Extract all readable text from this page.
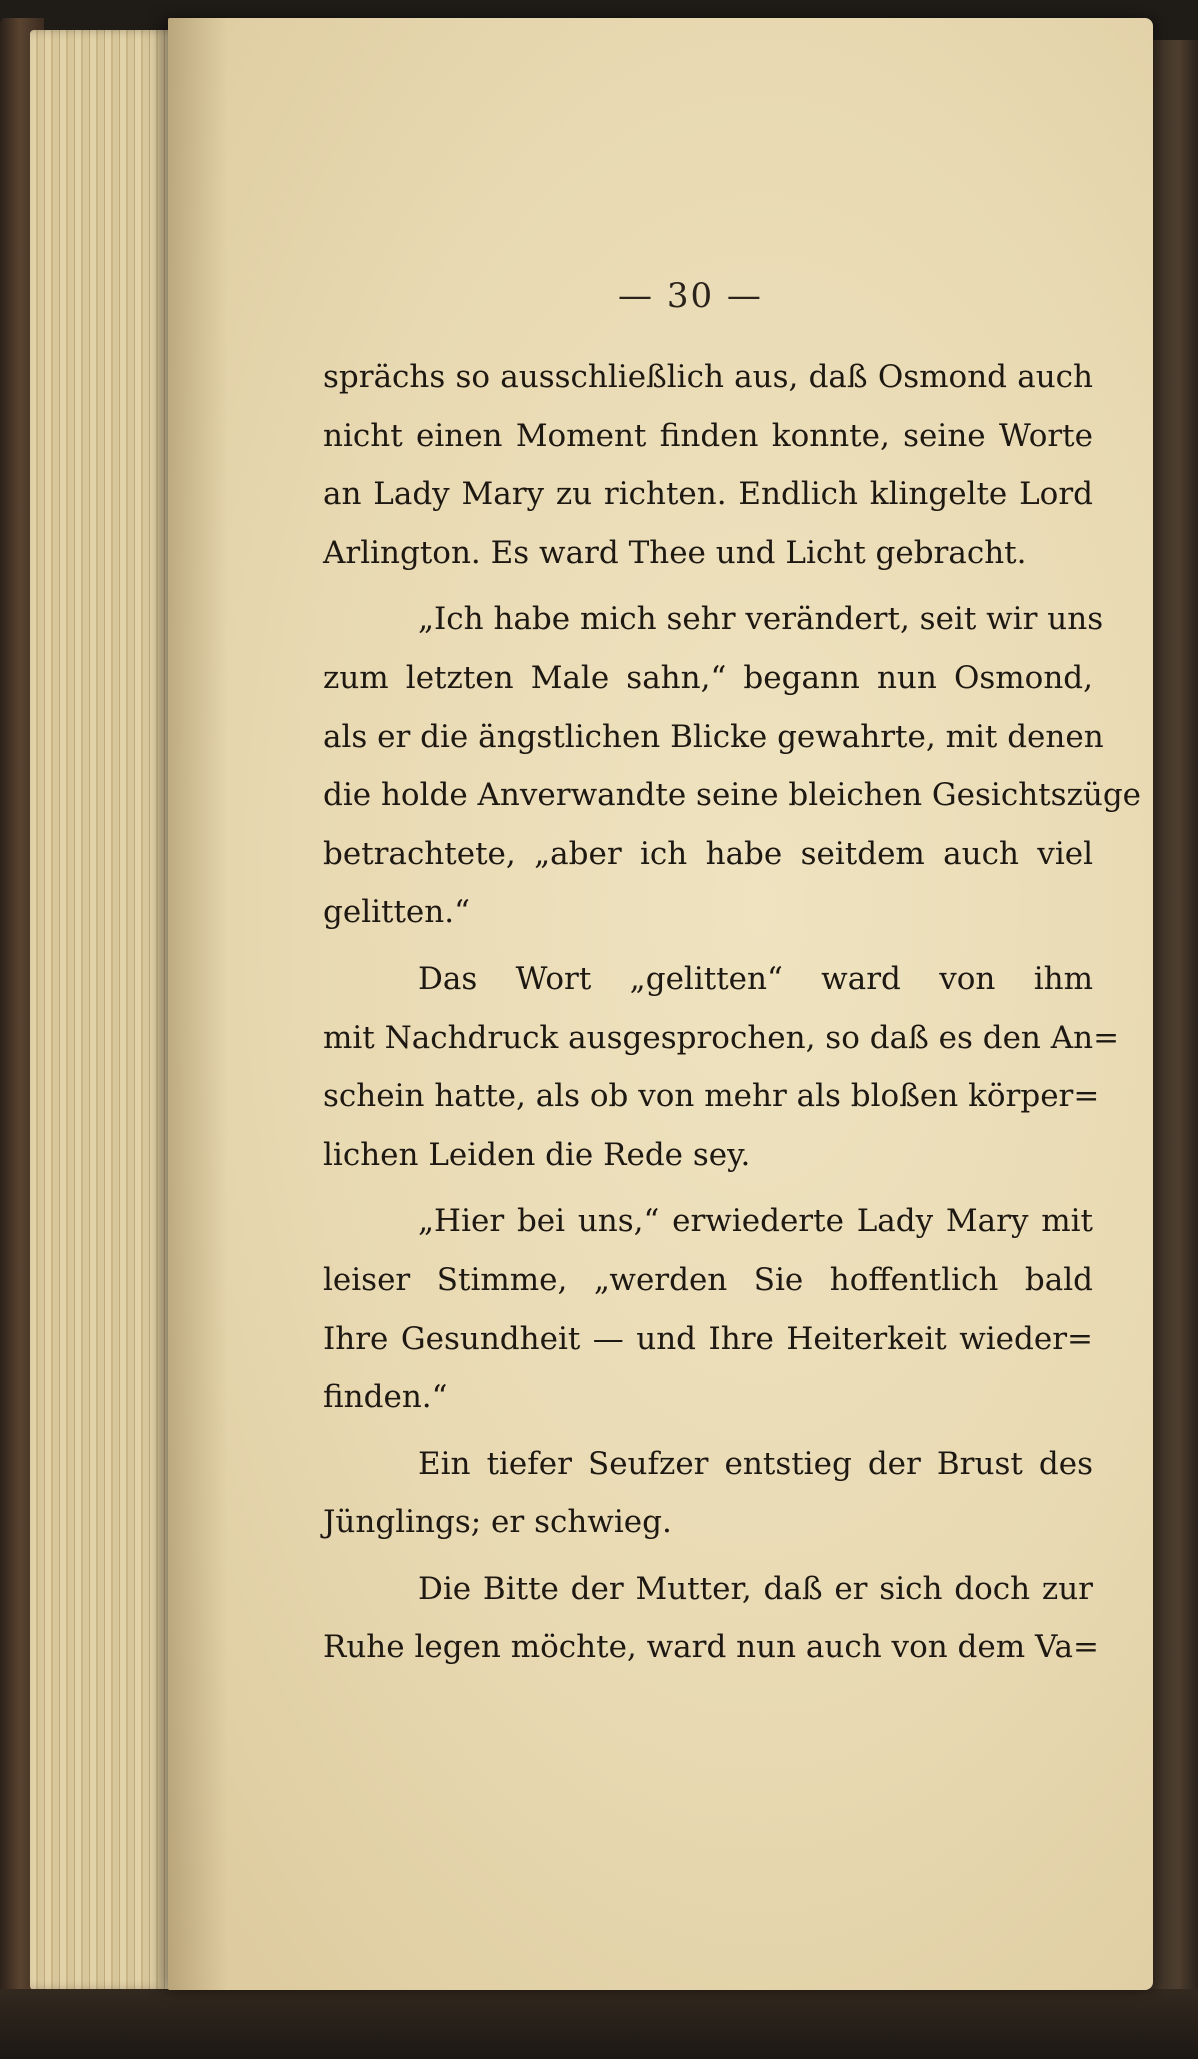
— 30 —
sprächs so ausschließlich aus, daß Osmond auch
nicht einen Moment finden konnte, seine Worte
an Lady Mary zu richten. Endlich klingelte Lord
Arlington. Es ward Thee und Licht gebracht.
„Ich habe mich sehr verändert, seit wir uns
zum letzten Male sahn,“ begann nun Osmond,
als er die ängstlichen Blicke gewahrte, mit denen
die holde Anverwandte seine bleichen Gesichtszüge
betrachtete, „aber ich habe seitdem auch viel
gelitten.“
Das Wort „gelitten“ ward von ihm
mit Nachdruck ausgesprochen, so daß es den An=
schein hatte, als ob von mehr als bloßen körper=
lichen Leiden die Rede sey.
„Hier bei uns,“ erwiederte Lady Mary mit
leiser Stimme, „werden Sie hoffentlich bald
Ihre Gesundheit — und Ihre Heiterkeit wieder=
finden.“
Ein tiefer Seufzer entstieg der Brust des
Jünglings; er schwieg.
Die Bitte der Mutter, daß er sich doch zur
Ruhe legen möchte, ward nun auch von dem Va=
